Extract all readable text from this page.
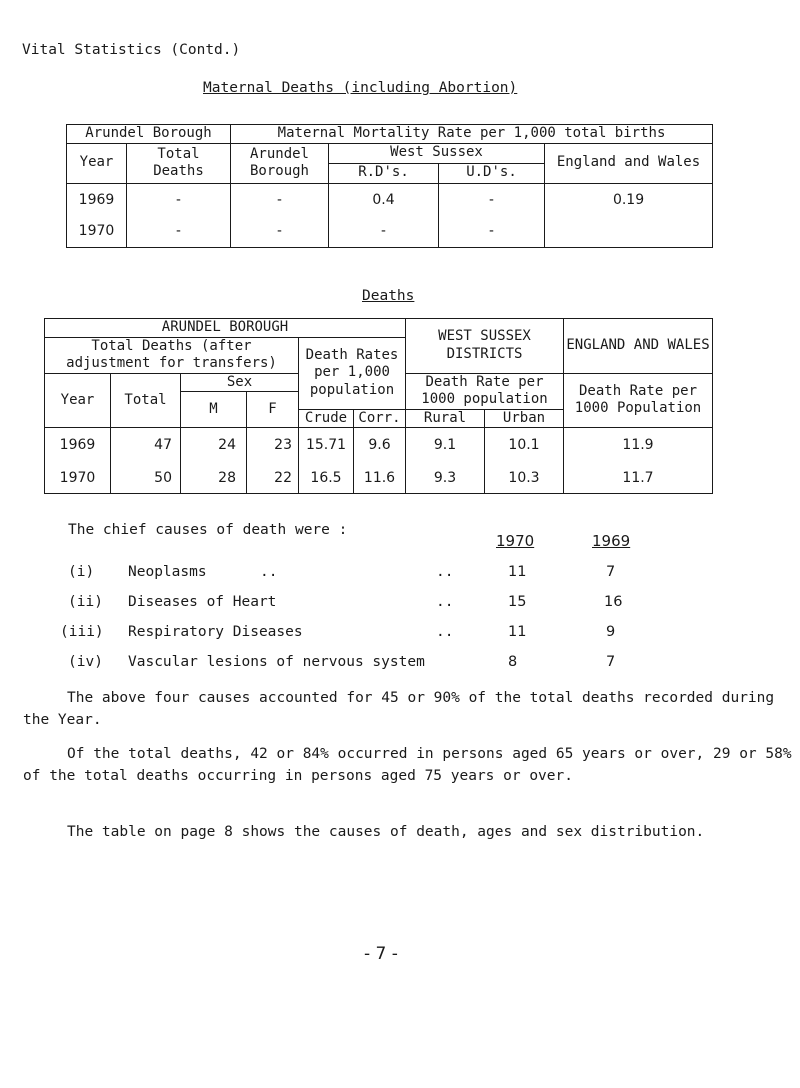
Vital Statistics (Contd.)
Maternal Deaths (including Abortion)
Arundel Borough		Maternal Mortality Rate per 1,000 total births			
Year	Total Deaths	Arundel Borough	West Sussex		England and Wales
			R.D's.	U.D's.	
1969	-	-	0.4	-	0.19
1970	-	-	-	-	
Deaths
ARUNDEL BOROUGH						WEST SUSSEX DISTRICTS		ENGLAND AND WALES
Total Deaths (after adjustment for transfers)				Death Rates per 1,000 population				
Year	Total	Sex				Death Rate per 1000 population		Death Rate per 1000 Population
		M	F					
				Crude	Corr.	Rural	Urban	
1969	47	24	23	15.71	9.6	9.1	10.1	11.9
1970	50	28	22	16.5	11.6	9.3	10.3	11.7
The chief causes of death were :
1970	1969
(i) Neoplasms	..	..	11	7
(ii) Diseases of Heart	..	15	16
(iii) Respiratory Diseases	..	11	9
(iv) Vascular lesions of nervous system	8	7
The above four causes accounted for 45 or 90% of the total deaths recorded during the Year.
Of the total deaths, 42 or 84% occurred in persons aged 65 years or over, 29 or 58% of the total deaths occurring in persons aged 75 years or over.
The table on page 8 shows the causes of death, ages and sex distribution.
- 7 -
